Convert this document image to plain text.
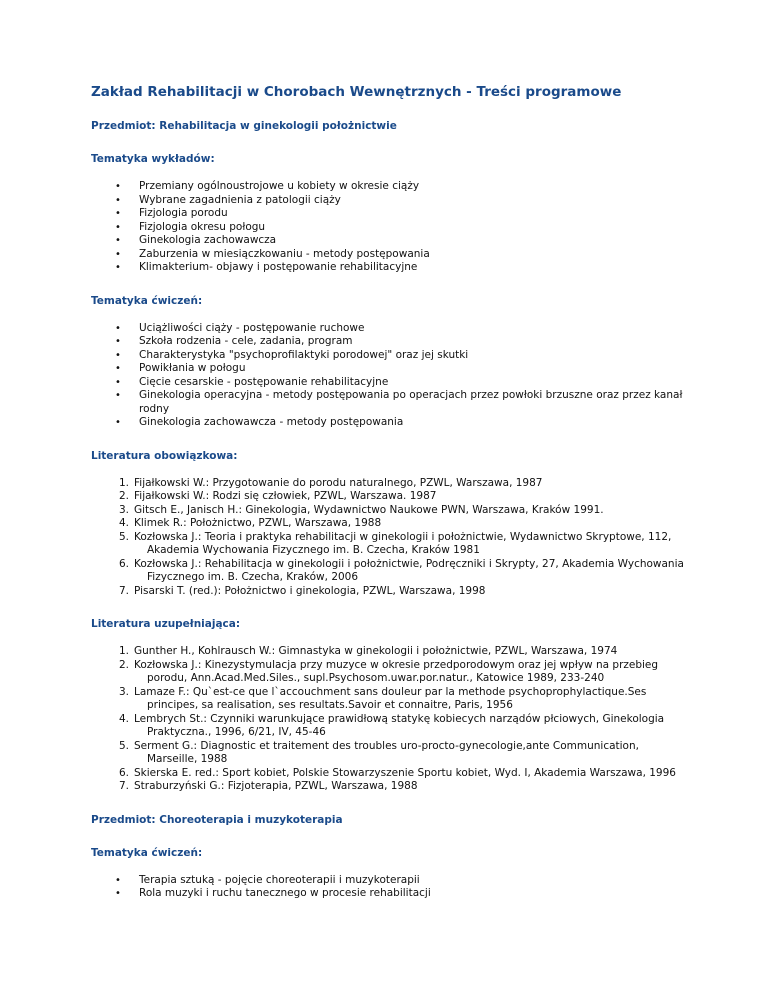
Zakład Rehabilitacji w Chorobach Wewnętrznych - Treści programowe
Przedmiot: Rehabilitacja w ginekologii położnictwie
Tematyka wykładów:
• Przemiany ogólnoustrojowe u kobiety w okresie ciąży
• Wybrane zagadnienia z patologii ciąży
• Fizjologia porodu
• Fizjologia okresu połogu
• Ginekologia zachowawcza
• Zaburzenia w miesiączkowaniu - metody postępowania
• Klimakterium- objawy i postępowanie rehabilitacyjne
Tematyka ćwiczeń:
• Uciążliwości ciąży - postępowanie ruchowe
• Szkoła rodzenia - cele, zadania, program
• Charakterystyka "psychoprofilaktyki porodowej" oraz jej skutki
• Powikłania w połogu
• Cięcie cesarskie - postępowanie rehabilitacyjne
• Ginekologia operacyjna - metody postępowania po operacjach przez powłoki brzuszne oraz przez kanał rodny
• Ginekologia zachowawcza - metody postępowania
Literatura obowiązkowa:
1. Fijałkowski W.: Przygotowanie do porodu naturalnego, PZWL, Warszawa, 1987
2. Fijałkowski W.: Rodzi się człowiek, PZWL, Warszawa. 1987
3. Gitsch E., Janisch H.: Ginekologia, Wydawnictwo Naukowe PWN, Warszawa, Kraków 1991.
4. Klimek R.: Położnictwo, PZWL, Warszawa, 1988
5. Kozłowska J.: Teoria i praktyka rehabilitacji w ginekologii i położnictwie, Wydawnictwo Skryptowe, 112, Akademia Wychowania Fizycznego im. B. Czecha, Kraków 1981
6. Kozłowska J.: Rehabilitacja w ginekologii i położnictwie, Podręczniki i Skrypty, 27, Akademia Wychowania Fizycznego im. B. Czecha, Kraków, 2006
7. Pisarski T. (red.): Położnictwo i ginekologia, PZWL, Warszawa, 1998
Literatura uzupełniająca:
1. Gunther H., Kohlrausch W.: Gimnastyka w ginekologii i położnictwie, PZWL, Warszawa, 1974
2. Kozłowska J.: Kinezystymulacja przy muzyce w okresie przedporodowym oraz jej wpływ na przebieg porodu, Ann.Acad.Med.Siles., supl.Psychosom.uwar.por.natur., Katowice 1989, 233-240
3. Lamaze F.: Qu`est-ce que l`accouchment sans douleur par la methode psychoprophylactique.Ses principes, sa realisation, ses resultats.Savoir et connaitre, Paris, 1956
4. Lembrych St.: Czynniki warunkujące prawidłową statykę kobiecych narządów płciowych, Ginekologia Praktyczna., 1996, 6/21, IV, 45-46
5. Serment G.: Diagnostic et traitement des troubles uro-procto-gynecologie,ante Communication, Marseille, 1988
6. Skierska E. red.: Sport kobiet, Polskie Stowarzyszenie Sportu kobiet, Wyd. I, Akademia Warszawa, 1996
7. Straburzyński G.: Fizjoterapia, PZWL, Warszawa, 1988
Przedmiot: Choreoterapia i muzykoterapia
Tematyka ćwiczeń:
• Terapia sztuką - pojęcie choreoterapii i muzykoterapii
• Rola muzyki i ruchu tanecznego w procesie rehabilitacji
